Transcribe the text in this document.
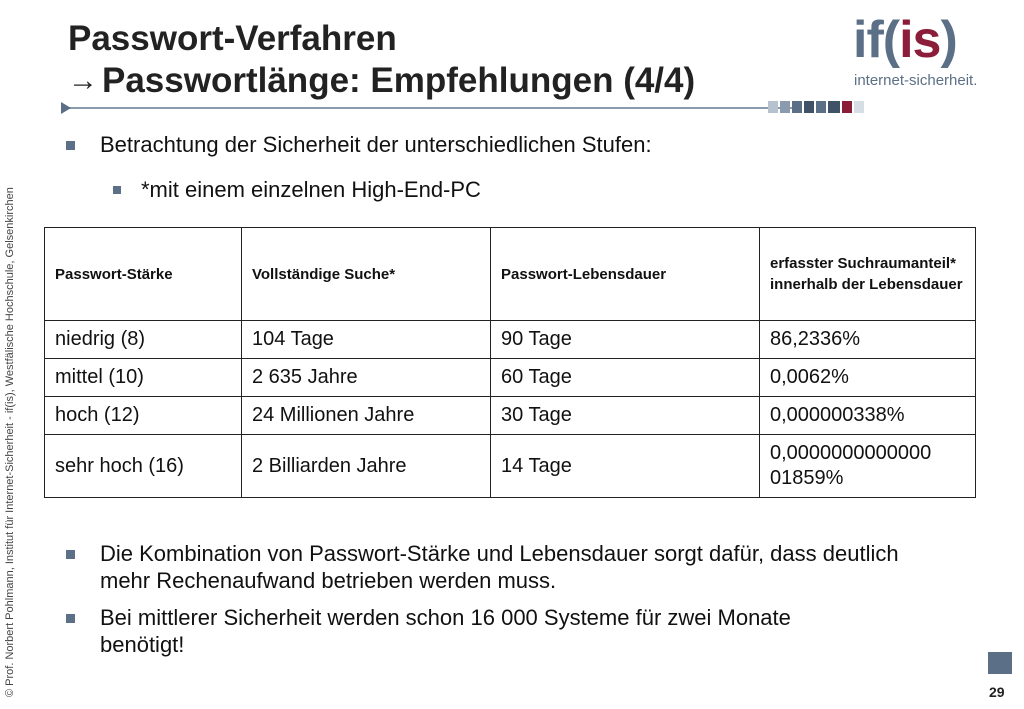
Passwort-Verfahren
→ Passwortlänge: Empfehlungen (4/4)
if(is)
internet-sicherheit.
© Prof. Norbert Pohlmann, Institut für Internet-Sicherheit - if(is), Westfälische Hochschule, Gelsenkirchen
Betrachtung der Sicherheit der unterschiedlichen Stufen:
*mit einem einzelnen High-End-PC
Passwort-Stärke	Vollständige Suche*	Passwort-Lebensdauer	erfasster Suchraumanteil* innerhalb der Lebensdauer
niedrig (8)	104 Tage	90 Tage	86,2336%
mittel (10)	2 635 Jahre	60 Tage	0,0062%
hoch (12)	24 Millionen Jahre	30 Tage	0,000000338%
sehr hoch (16)	2 Billiarden Jahre	14 Tage	0,0000000000000 01859%
Die Kombination von Passwort-Stärke und Lebensdauer sorgt dafür, dass deutlich mehr Rechenaufwand betrieben werden muss.
Bei mittlerer Sicherheit werden schon 16 000 Systeme für zwei Monate benötigt!
29
